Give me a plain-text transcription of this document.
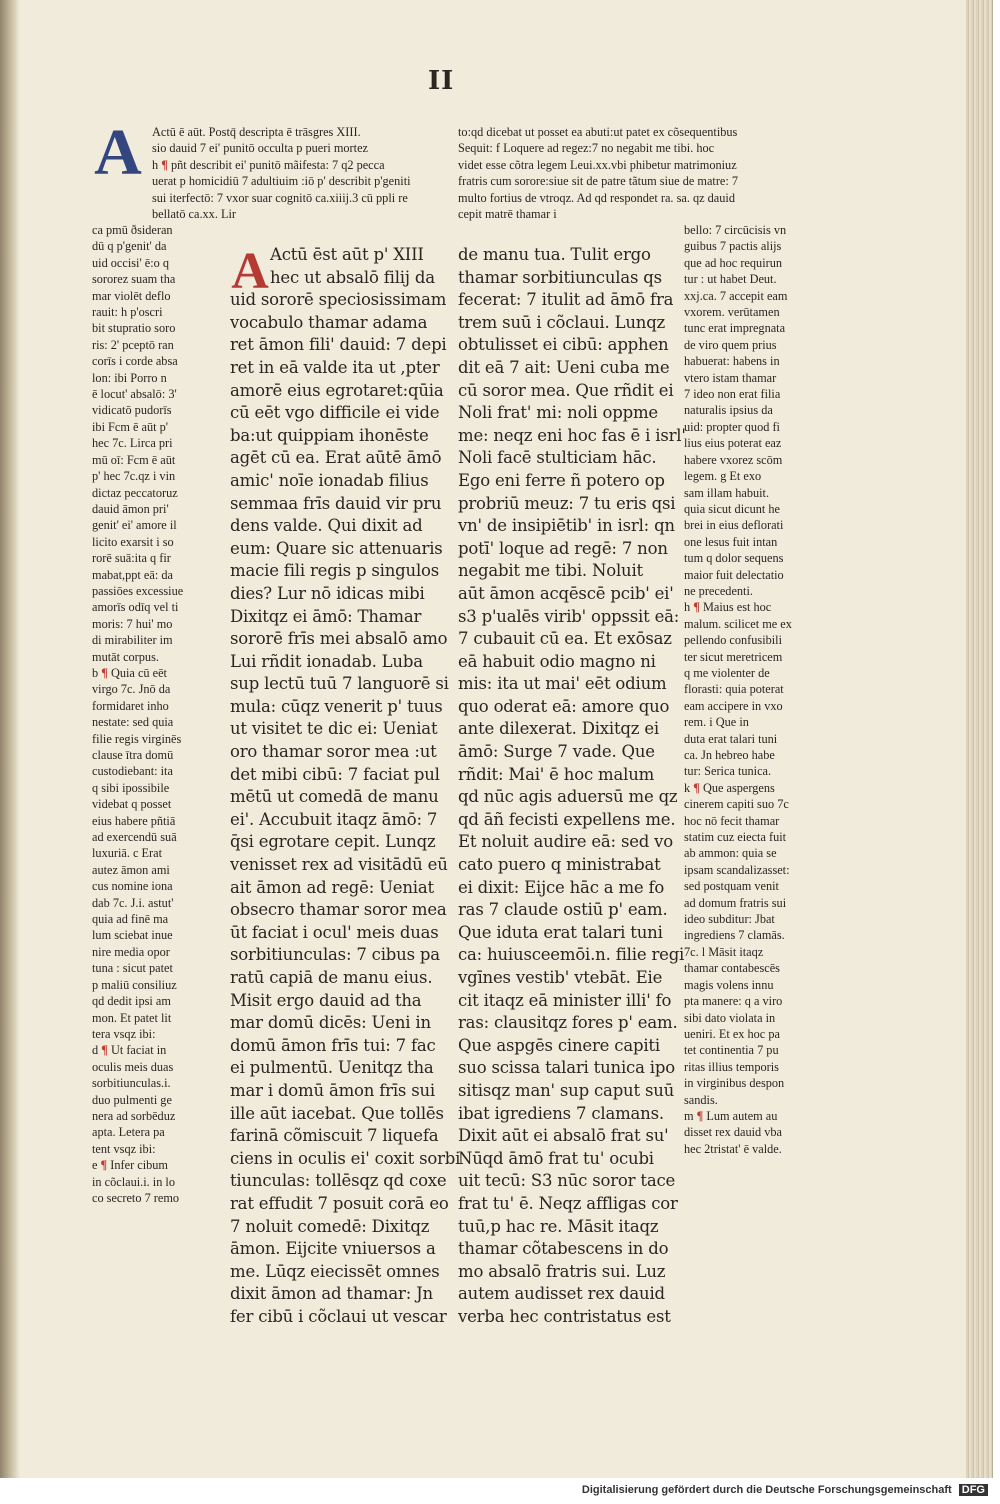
II
A
A

Actū ē aūt. Postq̄ descripta ē trāsgres XIII.

sio dauid 7 ei' punitō occulta p pueri mortez

h ¶ pñt describit ei' punitō mãifesta: 7 q2 pecca

uerat p homicidiū 7 adultiuim :iō p' describit p'geniti

sui iterfectō: 7 vxor suar cognitō ca.xiiij.3 cū ppli re

bellatō ca.xx. Lir

to:qd dicebat ut posset ea abuti:ut patet ex cõsequentibus

Sequit: f Loquere ad regez:7 no negabit me tibi. hoc

videt esse cõtra legem Leui.xx.vbi phibetur matrimoniuz

fratris cum sorore:siue sit de patre tãtum siue de matre: 7

multo fortius de vtroqz. Ad qd respondet ra. sa. qz dauid

cepit matrē thamar i

ca pmū ðsideran

dū q p'genit' da

uid occisi' ē:o q

sororez suam tha

mar violēt deflo

rauit: h p'oscri

bit stupratio soro

ris: 2' pceptō ran

corīs i corde absa

lon: ibi Porro n

ē locut' absalō: 3'

vidicatō pudorīs

ibi Fcm ē aūt p'

hec 7c. Lirca pri

mū oī: Fcm ē aūt

p' hec 7c.qz i vin

dictaz peccatoruz

dauid āmon pri'

genit' ei' amore il

licito exarsit i so

rorē suā:ita q fir

mabat,ppt eā: da

passiōes excessiue

amorīs odīq vel ti

moris: 7 hui' mo

di mirabiliter im

mutāt corpus.

b ¶ Quia cū eēt

virgo 7c. Jnō da

formidaret inho

nestate: sed quia

filie regis virginēs

clause ītra domū

custodiebant: ita

q sibi ipossibile

videbat q posset

eius habere pñtiā

ad exercendū suā

luxuriā. c Erat

autez āmon ami

cus nomine iona

dab 7c. J.i. astut'

quia ad finē ma

lum sciebat inue

nire media opor

tuna : sicut patet

p maliū consiliuz

qd dedit ipsi am

mon. Et patet lit

tera vsqz ibi:

d ¶ Ut faciat in

oculis meis duas

sorbitiunculas.i.

duo pulmenti ge

nera ad sorbēduz

apta. Letera pa

tent vsqz ibi:

e ¶ Infer cibum

in cõclaui.i. in lo

co secreto 7 remo

Actū ēst aūt p' XIII

hec ut absalō filij da

uid sororē speciosissimam

vocabulo thamar adama

ret āmon fili' dauid: 7 depi

ret in eā valde ita ut ,pter

amorē eius egrotaret:qūia

cū eēt vgo difficile ei vide

ba:ut quippiam ihonēste

agēt cū ea. Erat aūtē āmō

amic' noīe ionadab filius

semmaa frīs dauid vir pru

dens valde. Qui dixit ad

eum: Quare sic attenuaris

macie fili regis p singulos

dies? Lur nō idicas mibi

Dixitqz ei āmō: Thamar

sororē frīs mei absalō amo

Lui rñdit ionadab. Luba

sup lectū tuū 7 languorē si

mula: cūqz venerit p' tuus

ut visitet te dic ei: Ueniat

oro thamar soror mea :ut

det mibi cibū: 7 faciat pul

mētū ut comedā de manu

ei'. Accubuit itaqz āmō: 7

q̄si egrotare cepit. Lunqz

venisset rex ad visitādū eū

ait āmon ad regē: Ueniat

obsecro thamar soror mea

ūt faciat i ocul' meis duas

sorbitiunculas: 7 cibus pa

ratū capiā de manu eius.

Misit ergo dauid ad tha

mar domū dicēs: Ueni in

domū āmon frīs tui: 7 fac

ei pulmentū. Uenitqz tha

mar i domū āmon frīs sui

ille aūt iacebat. Que tollēs

farinā cõmiscuit 7 liquefa

ciens in oculis ei' coxit sorbi

tiunculas: tollēsqz qd coxe

rat effudit 7 posuit corā eo

7 noluit comedē: Dixitqz

āmon. Eijcite vniuersos a

me. Lūqz eiecissēt omnes

dixit āmon ad thamar: Jn

fer cibū i cõclaui ut vescar

de manu tua. Tulit ergo

thamar sorbitiunculas qs

fecerat: 7 itulit ad āmō fra

trem suū i cõclaui. Lunqz

obtulisset ei cibū: apphen

dit eā 7 ait: Ueni cuba me

cū soror mea. Que rñdit ei

Noli frat' mi: noli oppme

me: neqz eni hoc fas ē i isrl'

Noli facē stulticiam hāc.

Ego eni ferre ñ potero op

probriū meuz: 7 tu eris qsi

vn' de insipiētib' in isrl: qn

potī' loque ad regē: 7 non

negabit me tibi. Noluit

aūt āmon acqēscē pcib' ei'

s3 p'ualēs virib' oppssit eā:

7 cubauit cū ea. Et exōsaz

eā habuit odio magno ni

mis: ita ut mai' eēt odium

quo oderat eā: amore quo

ante dilexerat. Dixitqz ei

āmō: Surge 7 vade. Que

rñdit: Mai' ē hoc malum

qd nūc agis aduersū me qz

qd āñ fecisti expellens me.

Et noluit audire eā: sed vo

cato puero q ministrabat

ei dixit: Eijce hāc a me fo

ras 7 claude ostiū p' eam.

Que iduta erat talari tuni

ca: huiusceemōi.n. filie regi

vgīnes vestib' vtebāt. Eie

cit itaqz eā minister illi' fo

ras: clausitqz fores p' eam.

Que aspgēs cinere capiti

suo scissa talari tunica ipo

sitisqz man' sup caput suū

ibat igrediens 7 clamans.

Dixit aūt ei absalō frat su'

Nūqd āmō frat tu' ocubi

uit tecū: S3 nūc soror tace

frat tu' ē. Neqz affligas cor

tuū,p hac re. Māsit itaqz

thamar cõtabescens in do

mo absalō fratris sui. Luz

autem audisset rex dauid

verba hec contristatus est

bello: 7 circūcisis vn

guibus 7 pactis alijs

que ad hoc requirun

tur : ut habet Deut.

xxj.ca. 7 accepit eam

vxorem. verūtamen

tunc erat impregnata

de viro quem prius

habuerat: habens in

vtero istam thamar

7 ideo non erat filia

naturalis ipsius da

uid: propter quod fi

lius eius poterat eaz

habere vxorez scōm

legem. g Et exo

sam illam habuit.

quia sicut dicunt he

brei in eius deflorati

one lesus fuit intan

tum q dolor sequens

maior fuit delectatio

ne precedenti.

h ¶ Maius est hoc

malum. scilicet me ex

pellendo confusibili

ter sicut meretricem

q me violenter de

florasti: quia poterat

eam accipere in vxo

rem. i Que in

duta erat talari tuni

ca. Jn hebreo habe

tur: Serica tunica.

k ¶ Que aspergens

cinerem capiti suo 7c

hoc nō fecit thamar

statim cuz eiecta fuit

ab ammon: quia se

ipsam scandalizasset:

sed postquam venit

ad domum fratris sui

ideo subditur: Jbat

ingrediens 7 clamās.

7c. l Māsit itaqz

thamar contabescēs

magis volens innu

pta manere: q a viro

sibi dato violata in

ueniri. Et ex hoc pa

tet continentia 7 pu

ritas illius temporis

in virginibus despon

sandis.

m ¶ Lum autem au

disset rex dauid vba

hec 2tristat' ē valde.

Digitalisierung gefördert durch die Deutsche Forschungsgemeinschaft DFG
